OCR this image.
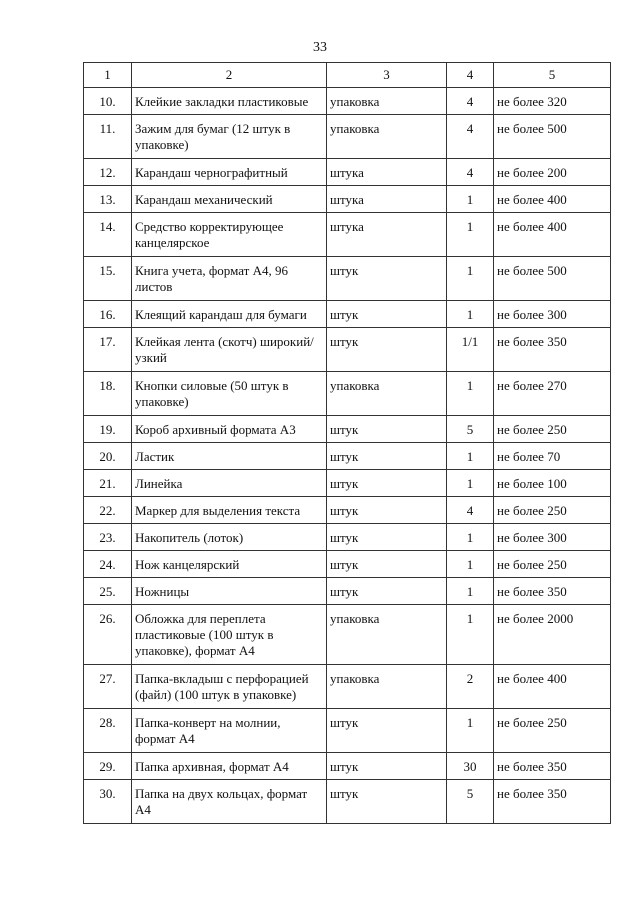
33
1	2	3	4	5
10.	Клейкие закладки пластиковые	упаковка	4	не более 320
11.	Зажим для бумаг (12 штук в упаковке)	упаковка	4	не более 500
12.	Карандаш чернографитный	штука	4	не более 200
13.	Карандаш механический	штука	1	не более 400
14.	Средство корректирующее канцелярское	штука	1	не более 400
15.	Книга учета, формат А4, 96 листов	штук	1	не более 500
16.	Клеящий карандаш для бумаги	штук	1	не более 300
17.	Клейкая лента (скотч) широкий/узкий	штук	1/1	не более 350
18.	Кнопки силовые (50 штук в упаковке)	упаковка	1	не более 270
19.	Короб архивный формата А3	штук	5	не более 250
20.	Ластик	штук	1	не более 70
21.	Линейка	штук	1	не более 100
22.	Маркер для выделения текста	штук	4	не более 250
23.	Накопитель (лоток)	штук	1	не более 300
24.	Нож канцелярский	штук	1	не более 250
25.	Ножницы	штук	1	не более 350
26.	Обложка для переплета пластиковые (100 штук в упаковке), формат А4	упаковка	1	не более 2000
27.	Папка-вкладыш с перфорацией (файл) (100 штук в упаковке)	упаковка	2	не более 400
28.	Папка-конверт на молнии, формат А4	штук	1	не более 250
29.	Папка архивная, формат А4	штук	30	не более 350
30.	Папка на двух кольцах, формат А4	штук	5	не более 350
